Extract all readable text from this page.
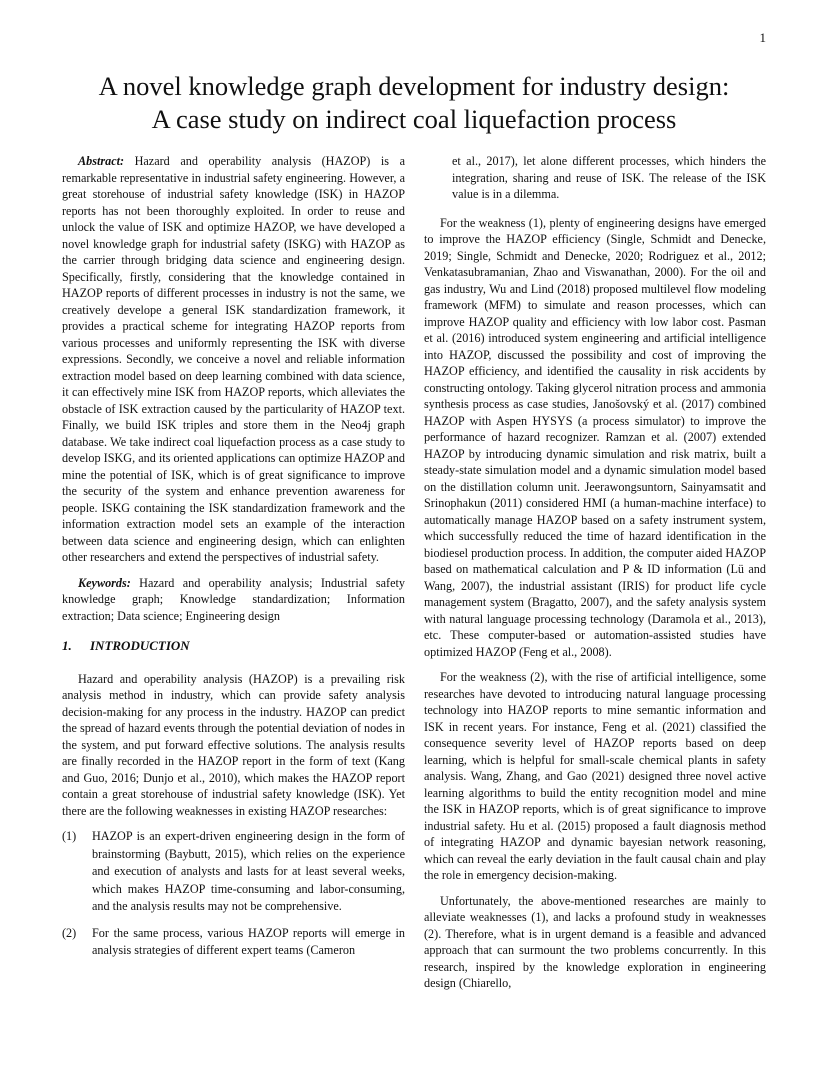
1
A novel knowledge graph development for industry design:
A case study on indirect coal liquefaction process

Abstract: Hazard and operability analysis (HAZOP) is a remarkable representative in industrial safety engineering. However, a great storehouse of industrial safety knowledge (ISK) in HAZOP reports has not been thoroughly exploited. In order to reuse and unlock the value of ISK and optimize HAZOP, we have developed a novel knowledge graph for industrial safety (ISKG) with HAZOP as the carrier through bridging data science and engineering design. Specifically, firstly, considering that the knowledge contained in HAZOP reports of different processes in industry is not the same, we creatively develope a general ISK standardization framework, it provides a practical scheme for integrating HAZOP reports from various processes and uniformly representing the ISK with diverse expressions. Secondly, we conceive a novel and reliable information extraction model based on deep learning combined with data science, it can effectively mine ISK from HAZOP reports, which alleviates the obstacle of ISK extraction caused by the particularity of HAZOP text. Finally, we build ISK triples and store them in the Neo4j graph database. We take indirect coal liquefaction process as a case study to develop ISKG, and its oriented applications can optimize HAZOP and mine the potential of ISK, which is of great significance to improve the security of the system and enhance prevention awareness for people. ISKG containing the ISK standardization framework and the information extraction model sets an example of the interaction between data science and engineering design, which can enlighten other researchers and extend the perspectives of industrial safety.

Keywords: Hazard and operability analysis; Industrial safety knowledge graph; Knowledge standardization; Information extraction; Data science; Engineering design

1. INTRODUCTION

Hazard and operability analysis (HAZOP) is a prevailing risk analysis method in industry, which can provide safety analysis decision-making for any process in the industry. HAZOP can predict the spread of hazard events through the potential deviation of nodes in the system, and put forward effective solutions. The analysis results are finally recorded in the HAZOP report in the form of text (Kang and Guo, 2016; Dunjo et al., 2010), which makes the HAZOP report contain a great storehouse of industrial safety knowledge (ISK). Yet there are the following weaknesses in existing HAZOP researches:

(1) HAZOP is an expert-driven engineering design in the form of brainstorming (Baybutt, 2015), which relies on the experience and execution of analysts and lasts for at least several weeks, which makes HAZOP time-consuming and labor-consuming, and the analysis results may not be comprehensive.
(2) For the same process, various HAZOP reports will emerge in analysis strategies of different expert teams (Cameron

et al., 2017), let alone different processes, which hinders the integration, sharing and reuse of ISK. The release of the ISK value is in a dilemma.

For the weakness (1), plenty of engineering designs have emerged to improve the HAZOP efficiency (Single, Schmidt and Denecke, 2019; Single, Schmidt and Denecke, 2020; Rodriguez et al., 2012; Venkatasubramanian, Zhao and Viswanathan, 2000). For the oil and gas industry, Wu and Lind (2018) proposed multilevel flow modeling framework (MFM) to simulate and reason processes, which can improve HAZOP quality and efficiency with low labor cost. Pasman et al. (2016) introduced system engineering and artificial intelligence into HAZOP, discussed the possibility and cost of improving the HAZOP efficiency, and identified the causality in risk accidents by constructing ontology. Taking glycerol nitration process and ammonia synthesis process as case studies, Janošovský et al. (2017) combined HAZOP with Aspen HYSYS (a process simulator) to improve the performance of hazard recognizer. Ramzan et al. (2007) extended HAZOP by introducing dynamic simulation and risk matrix, built a steady-state simulation model and a dynamic simulation model based on the distillation column unit. Jeerawongsuntorn, Sainyamsatit and Srinophakun (2011) considered HMI (a human-machine interface) to automatically manage HAZOP based on a safety instrument system, which successfully reduced the time of hazard identification in the biodiesel production process. In addition, the computer aided HAZOP based on mathematical calculation and P & ID information (Lü and Wang, 2007), the industrial assistant (IRIS) for product life cycle management system (Bragatto, 2007), and the safety analysis system with natural language processing technology (Daramola et al., 2013), etc. These computer-based or automation-assisted studies have optimized HAZOP (Feng et al., 2008).

For the weakness (2), with the rise of artificial intelligence, some researches have devoted to introducing natural language processing technology into HAZOP reports to mine semantic information and ISK in recent years. For instance, Feng et al. (2021) classified the consequence severity level of HAZOP reports based on deep learning, which is helpful for small-scale chemical plants in safety analysis. Wang, Zhang, and Gao (2021) designed three novel active learning algorithms to build the entity recognition model and mine the ISK in HAZOP reports, which is of great significance to improve industrial safety. Hu et al. (2015) proposed a fault diagnosis method of integrating HAZOP and dynamic bayesian network reasoning, which can reveal the early deviation in the fault causal chain and play the role in emergency decision-making.

Unfortunately, the above-mentioned researches are mainly to alleviate weaknesses (1), and lacks a profound study in weaknesses (2). Therefore, what is in urgent demand is a feasible and advanced approach that can surmount the two problems concurrently. In this research, inspired by the knowledge exploration in engineering design (Chiarello,
